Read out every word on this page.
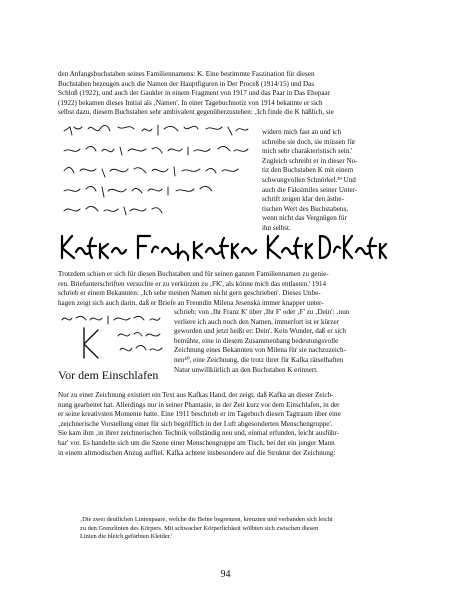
den Anfangsbuchstaben seines Familiennamens: K. Eine bestimmte Faszination für diesen
Buchstaben bezeugen auch die Namen der Hauptfiguren in Der Proceß (1914/15) und Das
Schloß (1922), und auch der Gaukler in einem Fragment von 1917 und das Paar in Das Ehepaar
(1922) bekamen dieses Initial als ‚Namen'. In einer Tagebuchnotiz von 1914 bekannte er sich
selbst dazu, diesem Buchstaben sehr ambivalent gegenüberzustehen: ‚Ich finde die K häßlich, sie
widern mich fast an und ich
schreibe sie doch, sie müssen für
mich sehr charakteristisch sein.'
Zugleich schreibt er in dieser No-
tiz den Buchstaben K mit einem
schwungvollen Schnörkel.³⁹ Und
auch die Faksimiles seiner Unter-
schrift zeigen klar den ästhe-
tischen Wert des Buchstabens,
wenn nicht das Vergnügen für
ihn selbst.
Trotzdem schien er sich für diesen Buchstaben und für seinen ganzen Familiennamen zu genie-
ren. Briefunterschriften versuchte er zu verkürzen zu ‚FK', als könne mich das entlasten.' 1914
schrieb er einem Bekannten: ‚Ich sehe meinen Namen nicht gern geschrieben'. Dieses Unbe-
hagen zeigt sich auch darin, daß er Briefe an Freundin Milena Jesenská immer knapper unter-
schrieb: von ‚Ihr Franz K' über ‚Ihr F' oder ‚F' zu ‚Dein': ‚nun
verliere ich auch noch den Namen, immerfort ist er kürzer
geworden und jetzt heißt er: Dein'. Kein Wunder, daß er sich
bemühte, eine in diesem Zusammenhang bedeutungsvolle
Zeichnung eines Bekannten von Milena für sie nachzuzeich-
nen⁴⁰, eine Zeichnung, die trotz ihrer für Kafka rätselhaften
Natur unwillkürlich an den Buchstaben K erinnert.
Vor dem Einschlafen
Nur zu einer Zeichnung existiert ein Text aus Kafkas Hand, der zeigt, daß Kafka an dieser Zeich-
nung gearbeitet hat. Allerdings nur in seiner Phantasie, in der Zeit kurz vor dem Einschlafen, in der
er seine kreativsten Momente hatte. Eine 1911 beschrieb er im Tagebuch diesen Tagtraum über eine
‚zeichnerische Vorstellung einer für sich begrifflich in der Luft abgesonderten Menschengruppe'.
Sie kam ihm ‚in ihrer zeichnerischen Technik vollständig neu und, einmal erfunden, leicht ausführ-
bar' vor. Es handelte sich um die Szene einer Menschengruppe am Tisch, bei der ein junger Mann
in einem altmodischen Anzug auffiel. Kafka achtete insbesondere auf die Struktur der Zeichnung:
‚Die zwei deutlichen Linienpaare, welche die Beine begrenzen, kreuzten und verbanden sich leicht
zu den Grenzlinien des Körpers. Mit schwacher Körperlichkeit wölbten sich zwischen diesen
Linien die bleich gefärbten Kleider.'
94
